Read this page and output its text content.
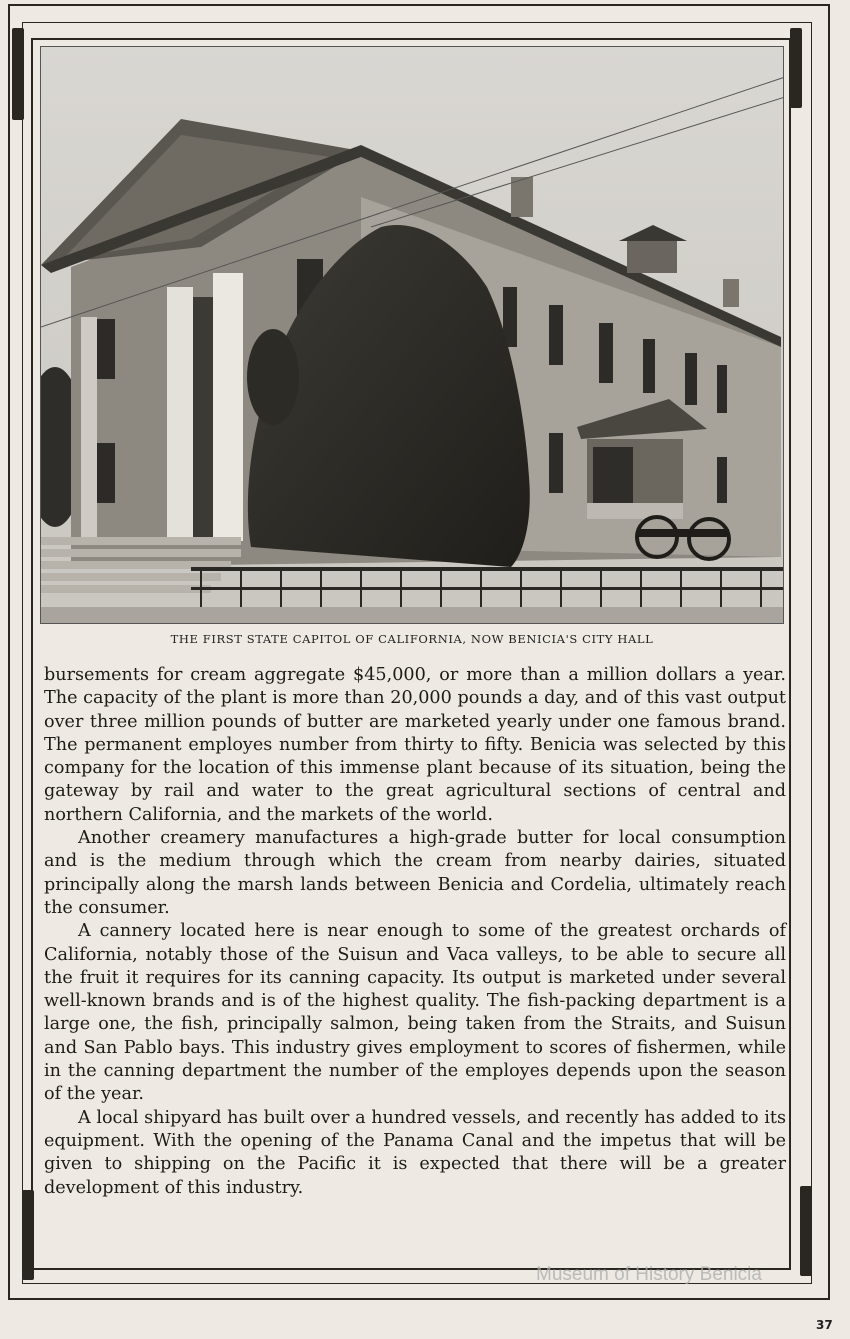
THE FIRST STATE CAPITOL OF CALIFORNIA, NOW BENICIA'S CITY HALL

bursements for cream aggregate $45,000, or more than a million dollars a year. The capacity of the plant is more than 20,000 pounds a day, and of this vast output over three million pounds of butter are marketed yearly under one famous brand. The permanent employes number from thirty to fifty. Benicia was selected by this company for the location of this immense plant because of its situation, being the gateway by rail and water to the great agricultural sections of central and northern California, and the markets of the world.

Another creamery manufactures a high-grade butter for local consumption and is the medium through which the cream from nearby dairies, situated principally along the marsh lands between Benicia and Cordelia, ultimately reach the consumer.

A cannery located here is near enough to some of the greatest orchards of California, notably those of the Suisun and Vaca valleys, to be able to secure all the fruit it requires for its canning capacity. Its output is marketed under several well-known brands and is of the highest quality. The fish-packing department is a large one, the fish, principally salmon, being taken from the Straits, and Suisun and San Pablo bays. This industry gives employment to scores of fishermen, while in the canning department the number of the employes depends upon the season of the year.

A local shipyard has built over a hundred vessels, and recently has added to its equipment. With the opening of the Panama Canal and the impetus that will be given to shipping on the Pacific it is expected that there will be a greater development of this industry.

Museum of History Benicia
37
